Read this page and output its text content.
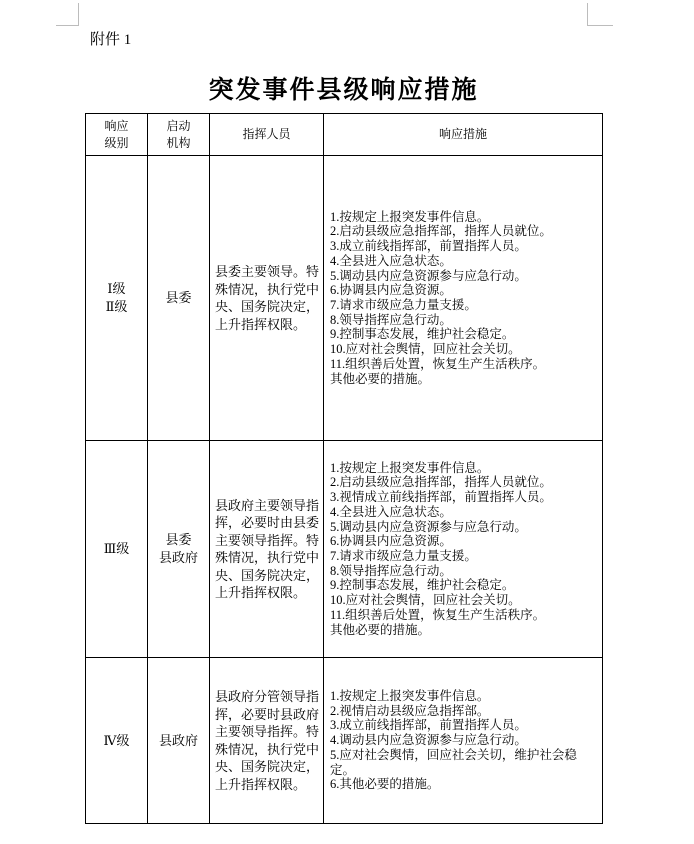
附件 1
突发事件县级响应措施
响应
级别
启动
机构
指挥人员	响应措施
Ⅰ级
Ⅱ级
县委
县委主要领导。特殊情况，执行党中央、国务院决定，上升指挥权限。
1.按规定上报突发事件信息。
2.启动县级应急指挥部，指挥人员就位。
3.成立前线指挥部，前置指挥人员。
4.全县进入应急状态。
5.调动县内应急资源参与应急行动。
6.协调县内应急资源。
7.请求市级应急力量支援。
8.领导指挥应急行动。
9.控制事态发展，维护社会稳定。
10.应对社会舆情，回应社会关切。
11.组织善后处置，恢复生产生活秩序。
其他必要的措施。
Ⅲ级
县委
县政府
县政府主要领导指挥，必要时由县委主要领导指挥。特殊情况，执行党中央、国务院决定，上升指挥权限。
1.按规定上报突发事件信息。
2.启动县级应急指挥部，指挥人员就位。
3.视情成立前线指挥部，前置指挥人员。
4.全县进入应急状态。
5.调动县内应急资源参与应急行动。
6.协调县内应急资源。
7.请求市级应急力量支援。
8.领导指挥应急行动。
9.控制事态发展，维护社会稳定。
10.应对社会舆情，回应社会关切。
11.组织善后处置，恢复生产生活秩序。
其他必要的措施。
Ⅳ级 县政府
县政府分管领导指挥，必要时县政府主要领导指挥。特殊情况，执行党中央、国务院决定，上升指挥权限。
1.按规定上报突发事件信息。
2.视情启动县级应急指挥部。
3.成立前线指挥部，前置指挥人员。
4.调动县内应急资源参与应急行动。
5.应对社会舆情，回应社会关切，维护社会稳定。
6.其他必要的措施。
